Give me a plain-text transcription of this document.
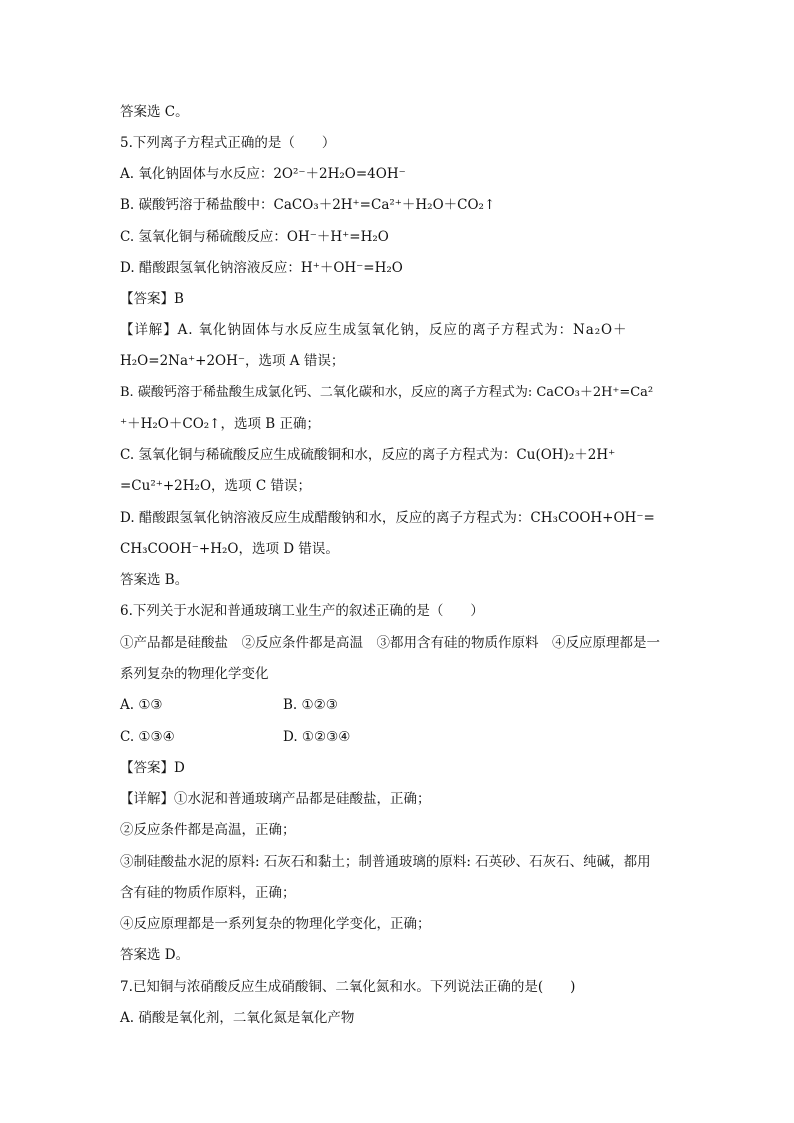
答案选 C。
5.下列离子方程式正确的是（　　）
A. 氧化钠固体与水反应：2O²⁻＋2H₂O=4OH⁻
B. 碳酸钙溶于稀盐酸中：CaCO₃＋2H⁺=Ca²⁺＋H₂O＋CO₂↑
C. 氢氧化铜与稀硫酸反应：OH⁻＋H⁺=H₂O
D. 醋酸跟氢氧化钠溶液反应：H⁺＋OH⁻=H₂O
【答案】B
【详解】A. 氧化钠固体与水反应生成氢氧化钠，反应的离子方程式为：Na₂O＋
H₂O=2Na⁺+2OH⁻，选项 A 错误；
B. 碳酸钙溶于稀盐酸生成氯化钙、二氧化碳和水，反应的离子方程式为: CaCO₃＋2H⁺=Ca²
⁺＋H₂O＋CO₂↑，选项 B 正确；
C. 氢氧化铜与稀硫酸反应生成硫酸铜和水，反应的离子方程式为：Cu(OH)₂＋2H⁺
=Cu²⁺+2H₂O，选项 C 错误；
D. 醋酸跟氢氧化钠溶液反应生成醋酸钠和水，反应的离子方程式为：CH₃COOH+OH⁻=
CH₃COOH⁻+H₂O，选项 D 错误。
答案选 B。
6.下列关于水泥和普通玻璃工业生产的叙述正确的是（　　）
①产品都是硅酸盐　②反应条件都是高温　③都用含有硅的物质作原料　④反应原理都是一
系列复杂的物理化学变化
A. ①③	B. ①②③
C. ①③④	D. ①②③④
【答案】D
【详解】①水泥和普通玻璃产品都是硅酸盐，正确；
②反应条件都是高温，正确；
③制硅酸盐水泥的原料: 石灰石和黏土；制普通玻璃的原料: 石英砂、石灰石、纯碱，都用
含有硅的物质作原料，正确；
④反应原理都是一系列复杂的物理化学变化，正确；
答案选 D。
7.已知铜与浓硝酸反应生成硝酸铜、二氧化氮和水。下列说法正确的是(　　)
A. 硝酸是氧化剂，二氧化氮是氧化产物
